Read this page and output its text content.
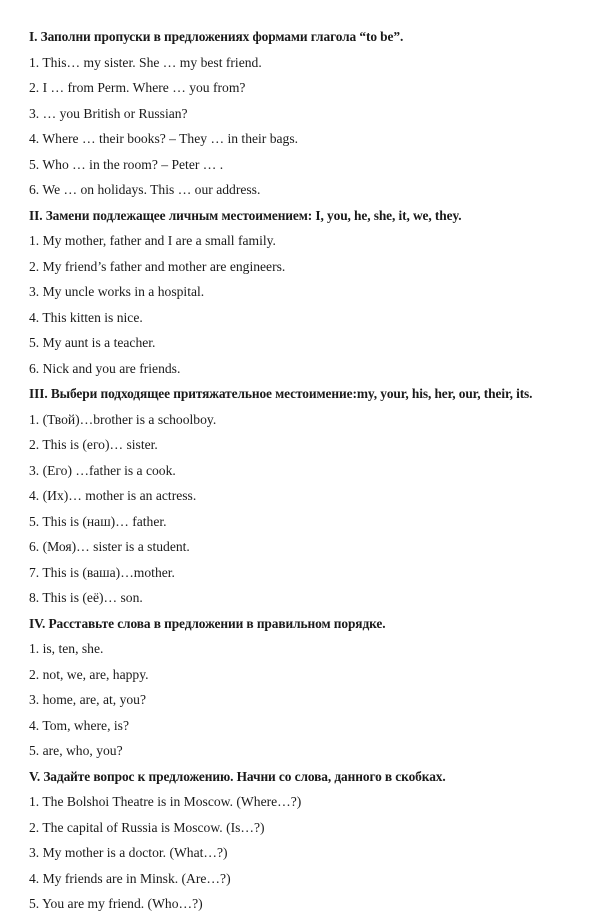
I. Заполни пропуски в предложениях формами глагола “to be”.
1. This… my sister. She … my best friend.
2. I … from Perm. Where … you from?
3. … you British or Russian?
4. Where … their books? – They … in their bags.
5. Who … in the room? – Peter … .
6. We … on holidays. This … our address.
II. Замени подлежащее личным местоимением: I, you, he, she, it, we, they.
1. My mother, father and I are a small family.
2. My friend’s father and mother are engineers.
3. My uncle works in a hospital.
4. This kitten is nice.
5. My aunt is a teacher.
6. Nick and you are friends.
III. Выбери подходящее притяжательное местоимение:my, your, his, her, our, their, its.
1. (Твой)…brother is a schoolboy.
2. This is (его)… sister.
3. (Его) …father is a cook.
4. (Их)… mother is an actress.
5. This is (наш)… father.
6. (Моя)… sister is a student.
7. This is (ваша)…mother.
8. This is (её)… son.
IV. Расставьте слова в предложении в правильном порядке.
1. is, ten, she.
2. not, we, are, happy.
3. home, are, at, you?
4. Tom, where, is?
5. are, who, you?
V. Задайте вопрос к предложению. Начни со слова, данного в скобках.
1. The Bolshoi Theatre is in Moscow. (Where…?)
2. The capital of Russia is Moscow. (Is…?)
3. My mother is a doctor. (What…?)
4. My friends are in Minsk. (Are…?)
5. You are my friend. (Who…?)
